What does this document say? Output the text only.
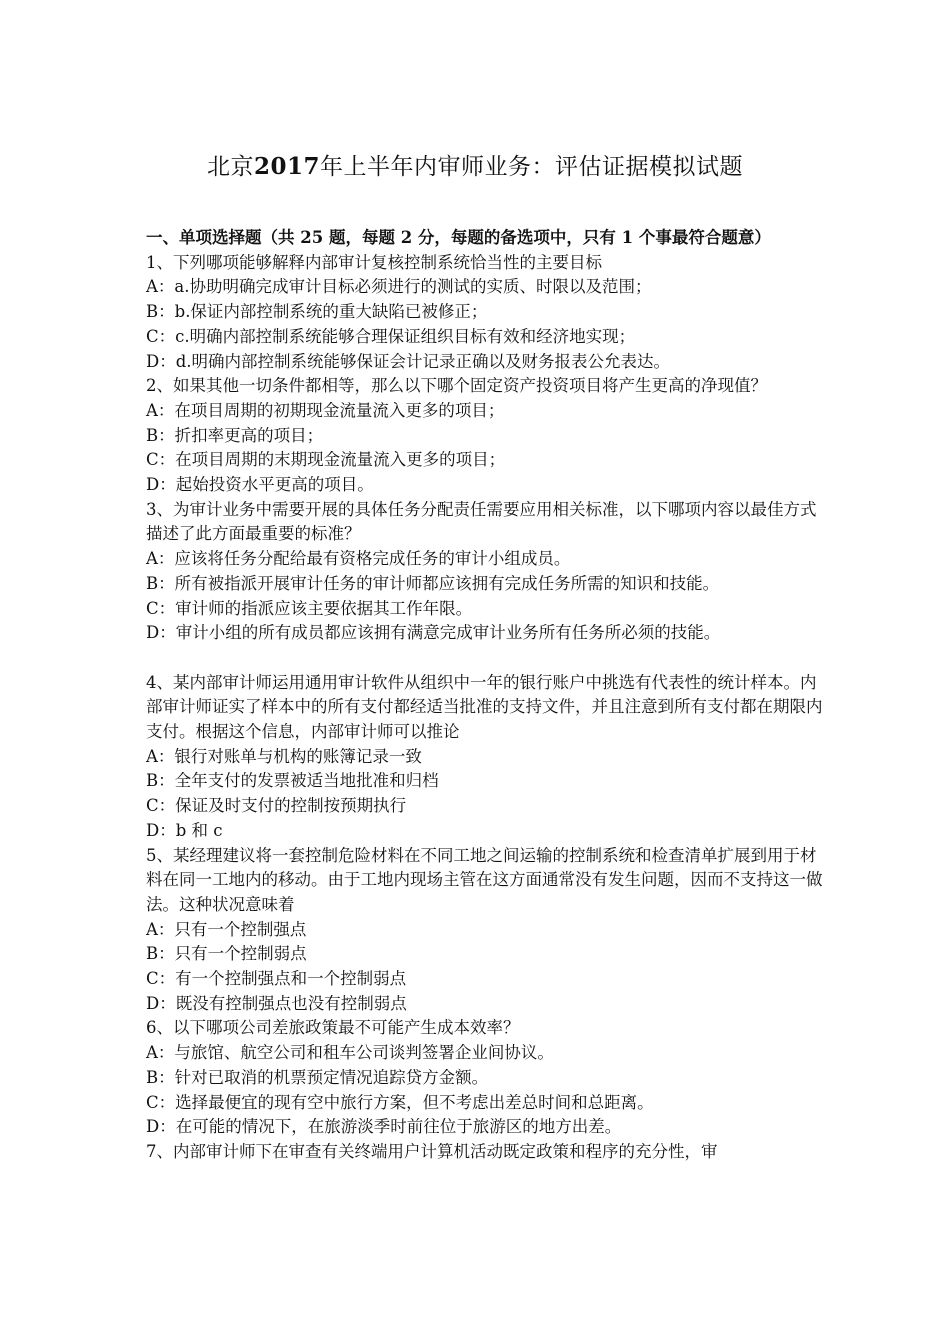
北京2017年上半年内审师业务：评估证据模拟试题

一、单项选择题（共 25 题，每题 2 分，每题的备选项中，只有 1 个事最符合题意）

1、下列哪项能够解释内部审计复核控制系统恰当性的主要目标

A：a.协助明确完成审计目标必须进行的测试的实质、时限以及范围；

B：b.保证内部控制系统的重大缺陷已被修正；

C：c.明确内部控制系统能够合理保证组织目标有效和经济地实现；

D：d.明确内部控制系统能够保证会计记录正确以及财务报表公允表达。

2、如果其他一切条件都相等，那么以下哪个固定资产投资项目将产生更高的净现值？

A：在项目周期的初期现金流量流入更多的项目；

B：折扣率更高的项目；

C：在项目周期的末期现金流量流入更多的项目；

D：起始投资水平更高的项目。

3、为审计业务中需要开展的具体任务分配责任需要应用相关标准，以下哪项内容以最佳方式描述了此方面最重要的标准？

A：应该将任务分配给最有资格完成任务的审计小组成员。

B：所有被指派开展审计任务的审计师都应该拥有完成任务所需的知识和技能。

C：审计师的指派应该主要依据其工作年限。

D：审计小组的所有成员都应该拥有满意完成审计业务所有任务所必须的技能。

4、某内部审计师运用通用审计软件从组织中一年的银行账户中挑选有代表性的统计样本。内部审计师证实了样本中的所有支付都经适当批准的支持文件，并且注意到所有支付都在期限内支付。根据这个信息，内部审计师可以推论

A：银行对账单与机构的账簿记录一致

B：全年支付的发票被适当地批准和归档

C：保证及时支付的控制按预期执行

D：b 和 c

5、某经理建议将一套控制危险材料在不同工地之间运输的控制系统和检查清单扩展到用于材料在同一工地内的移动。由于工地内现场主管在这方面通常没有发生问题，因而不支持这一做法。这种状况意味着

A：只有一个控制强点

B：只有一个控制弱点

C：有一个控制强点和一个控制弱点

D：既没有控制强点也没有控制弱点

6、以下哪项公司差旅政策最不可能产生成本效率？

A：与旅馆、航空公司和租车公司谈判签署企业间协议。

B：针对已取消的机票预定情况追踪贷方金额。

C：选择最便宜的现有空中旅行方案，但不考虑出差总时间和总距离。

D：在可能的情况下，在旅游淡季时前往位于旅游区的地方出差。

7、内部审计师下在审查有关终端用户计算机活动既定政策和程序的充分性，审
